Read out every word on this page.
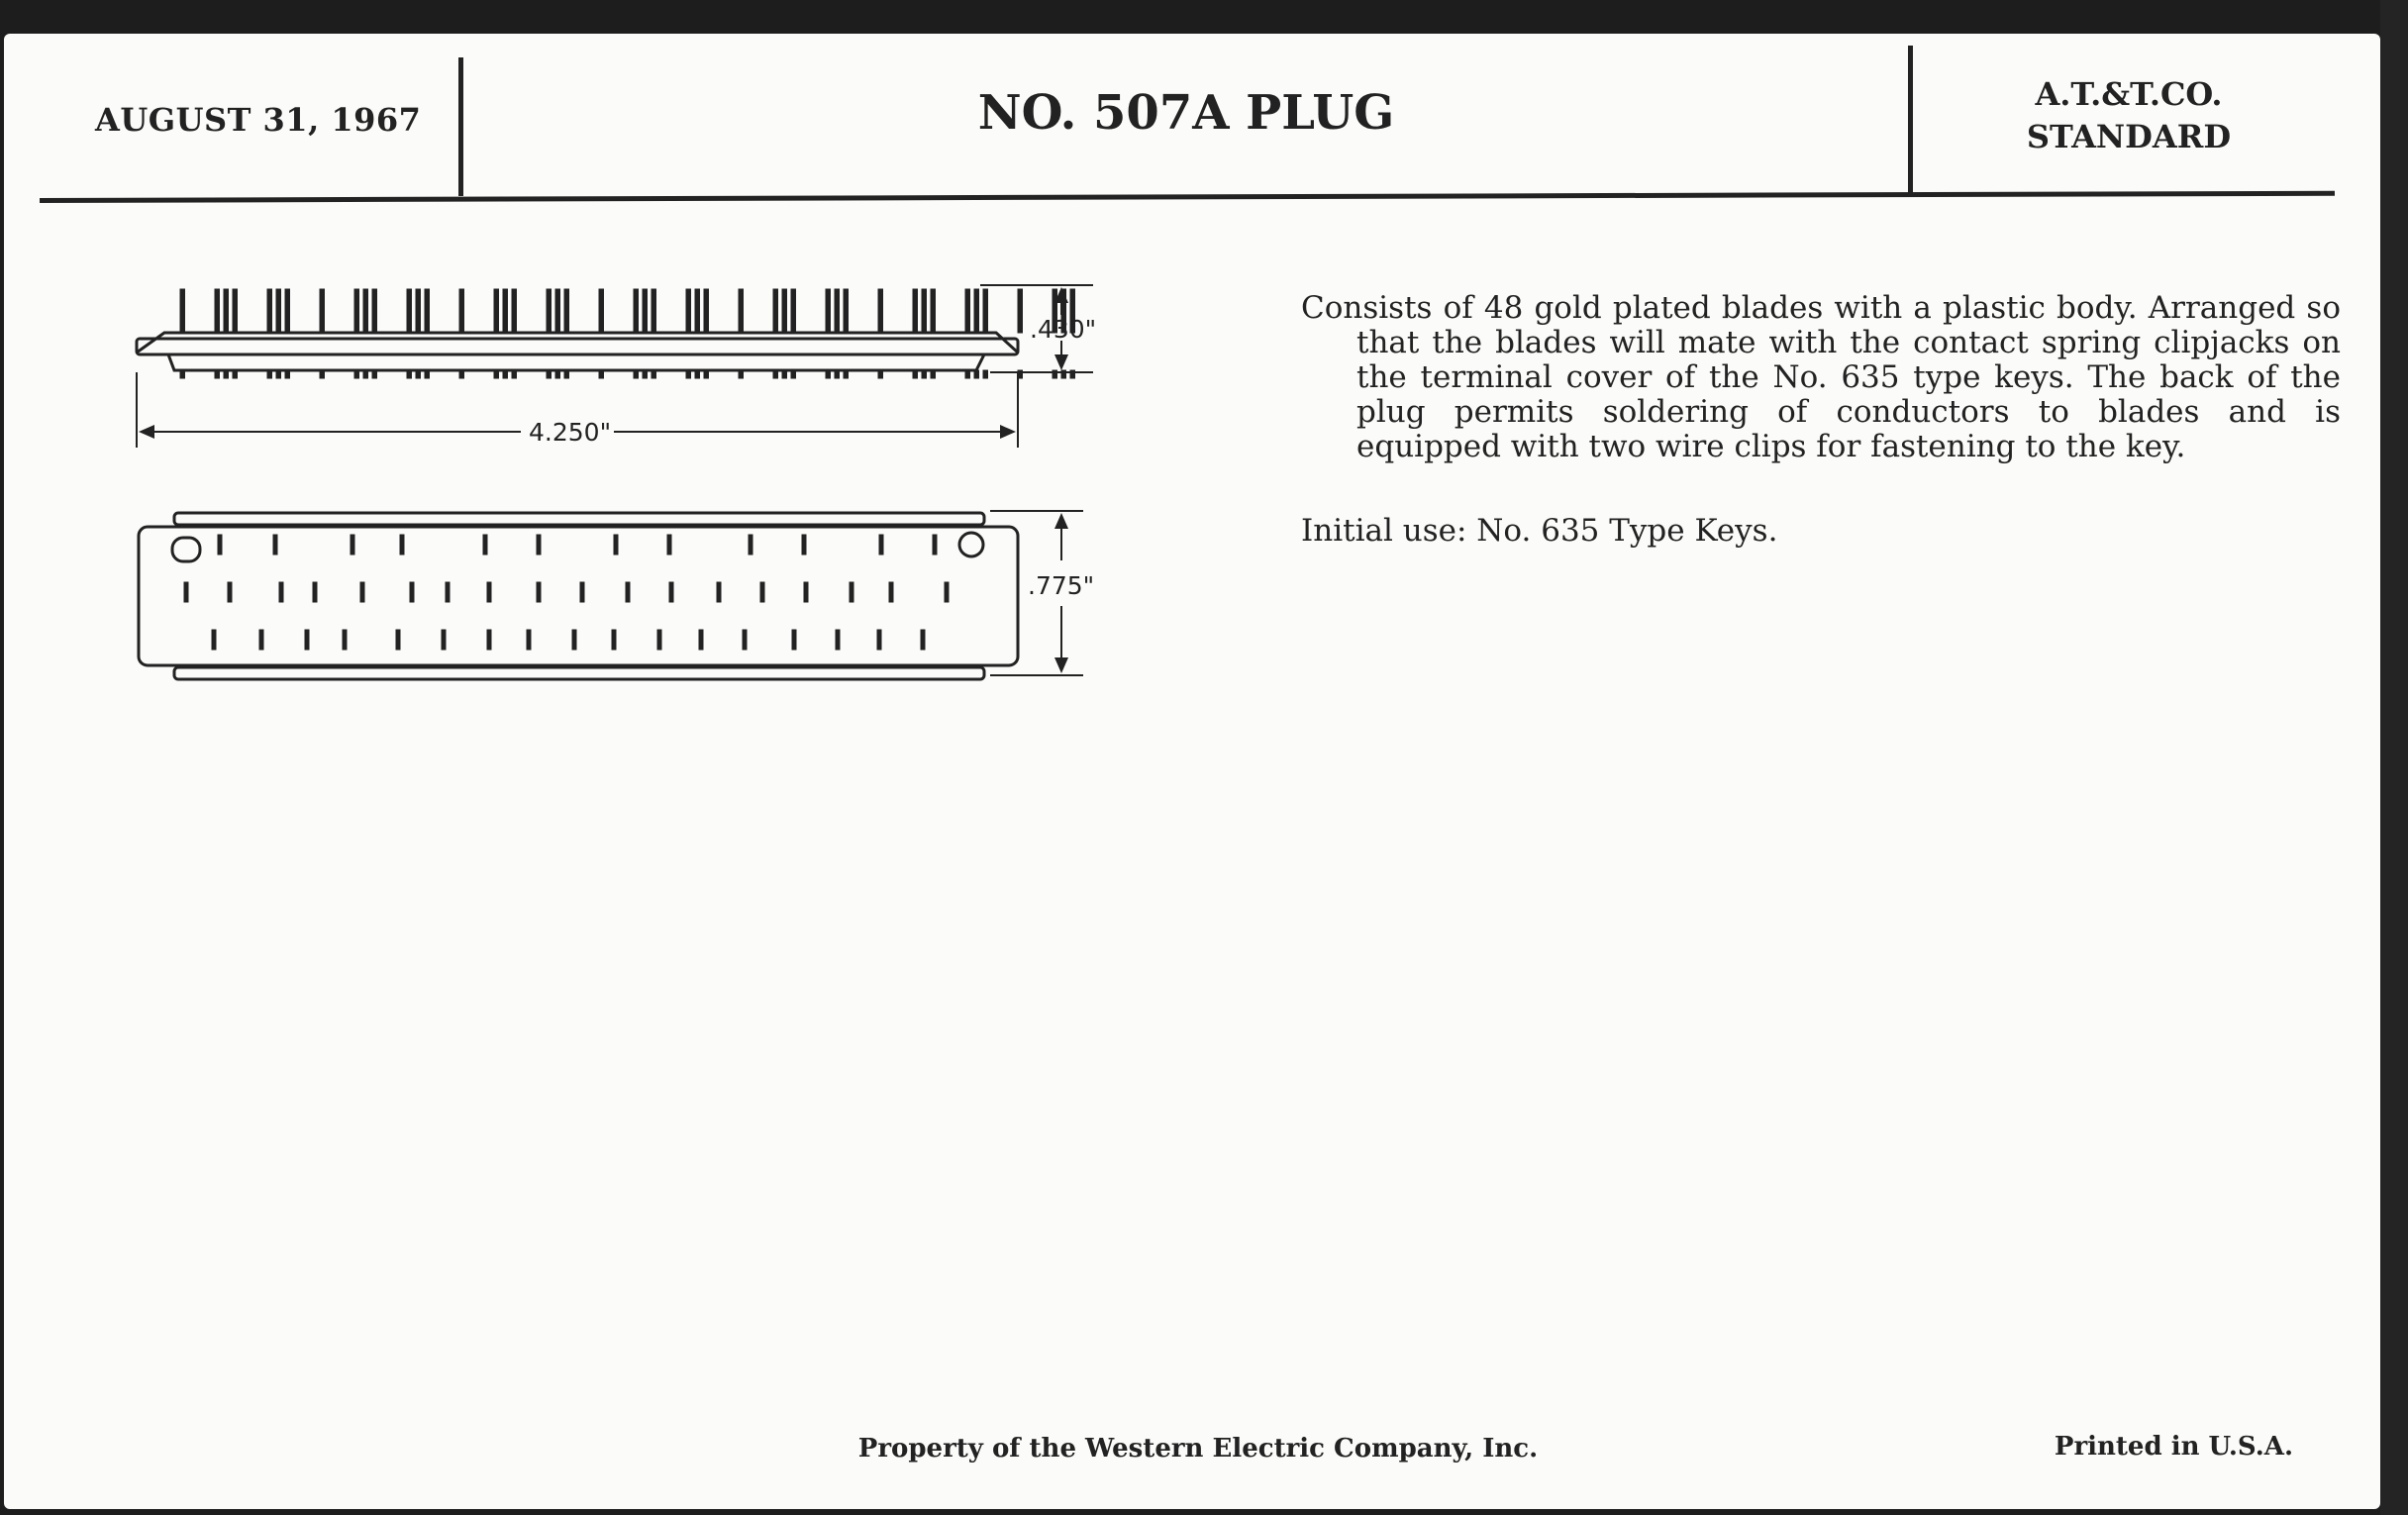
AUGUST 31, 1967	NO. 507A PLUG	A.T.&T.CO.
STANDARD
.430"
4.250"
.775"
Consists of 48 gold plated blades with a plastic body. Arranged so that the blades will mate with the contact spring clipjacks on the terminal cover of the No. 635 type keys. The back of the plug permits soldering of conductors to blades and is equipped with two wire clips for fastening to the key.
Initial use: No. 635 Type Keys.
Property of the Western Electric Company, Inc.	Printed in U.S.A.
